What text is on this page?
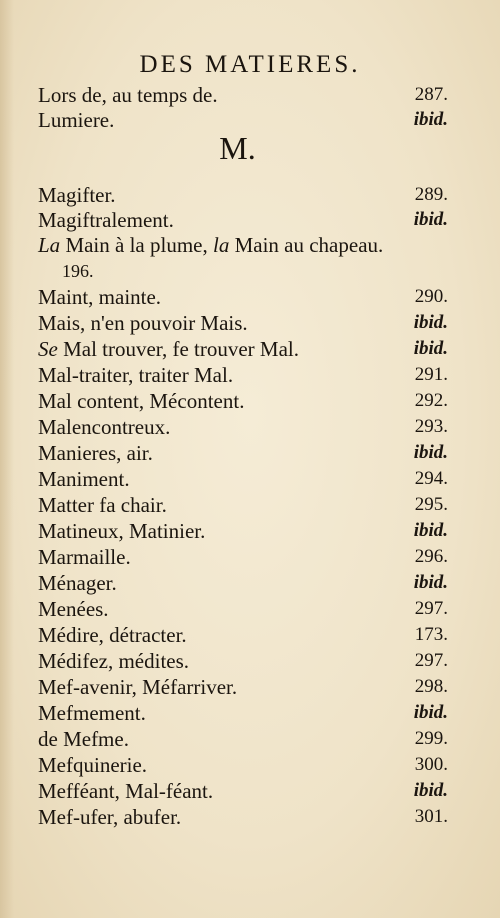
DES MATIERES.
Lors de, au temps de.	287.
Lumiere.	ibid.
M.
Magifter.	289.
Magiftralement.	ibid.
La Main à la plume, la Main au chapeau.
196.
Maint, mainte.	290.
Mais, n'en pouvoir Mais.	ibid.
Se Mal trouver, fe trouver Mal.	ibid.
Mal-traiter, traiter Mal.	291.
Mal content, Mécontent.	292.
Malencontreux.	293.
Manieres, air.	ibid.
Maniment.	294.
Matter fa chair.	295.
Matineux, Matinier.	ibid.
Marmaille.	296.
Ménager.	ibid.
Menées.	297.
Médire, détracter.	173.
Médifez, médites.	297.
Mef-avenir, Méfarriver.	298.
Mefmement.	ibid.
de Mefme.	299.
Mefquinerie.	300.
Mefféant, Mal-féant.	ibid.
Mef-ufer, abufer.	301.
